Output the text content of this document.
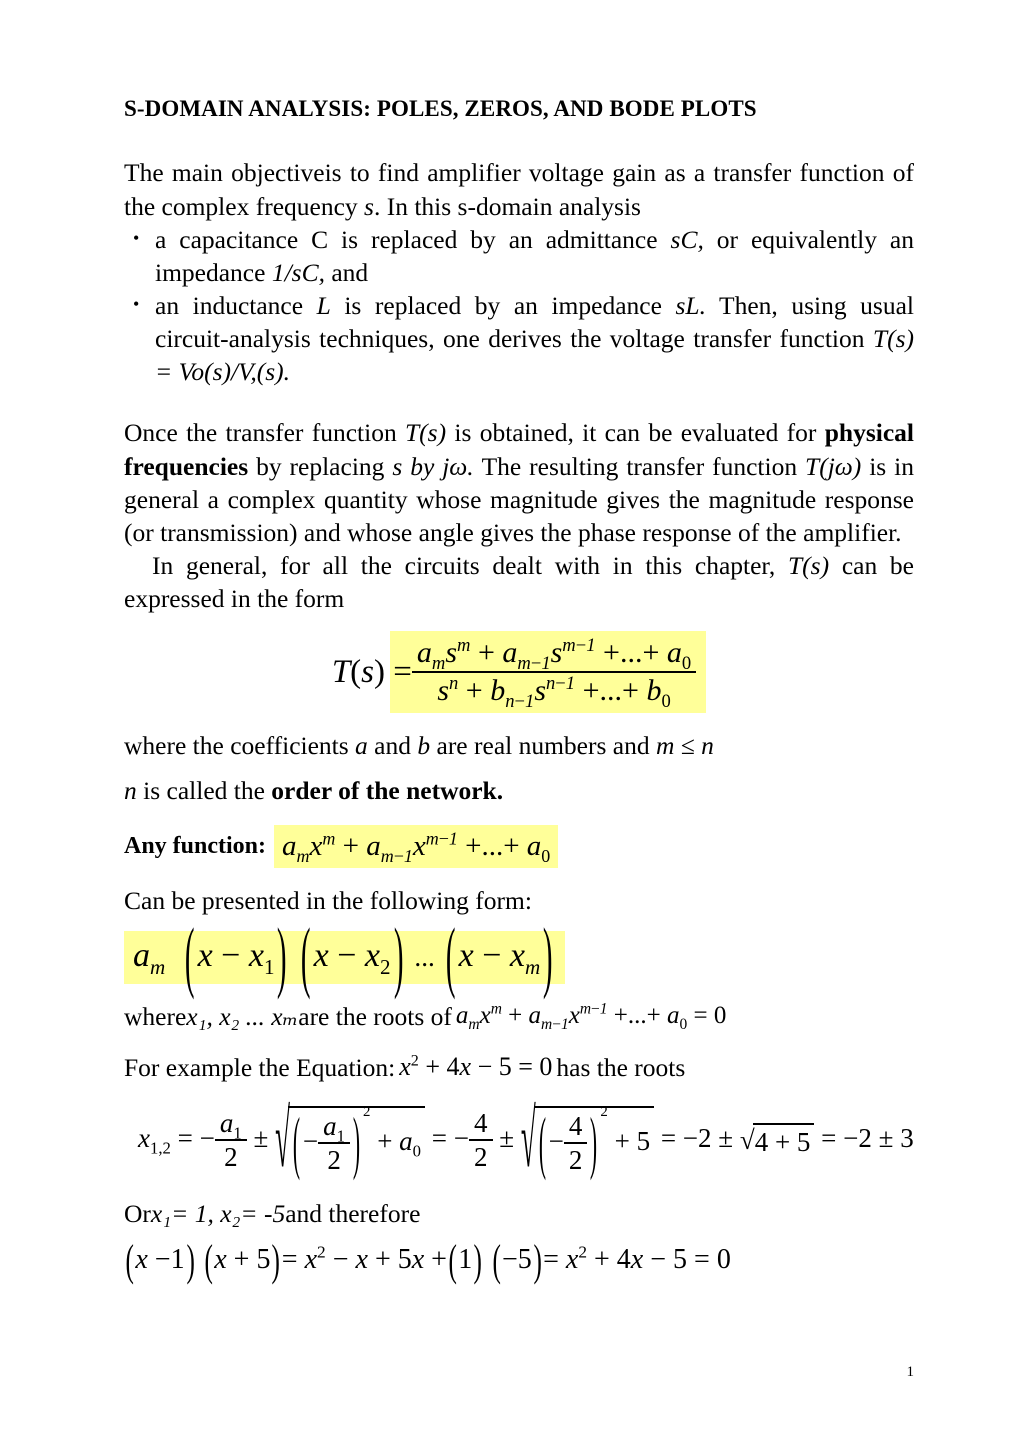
S-DOMAIN ANALYSIS: POLES, ZEROS, AND BODE PLOTS

The main objectiveis to find amplifier voltage gain as a transfer function of the complex frequency s. In this s-domain analysis

• a capacitance C is replaced by an admittance sC, or equivalently an impedance 1/sC, and
• an inductance L is replaced by an impedance sL. Then, using usual circuit-analysis techniques, one derives the voltage transfer function T(s) = Vo(s)/V,(s).

Once the transfer function T(s) is obtained, it can be evaluated for physical frequencies by replacing s by jω. The resulting transfer function T(jω) is in general a complex quantity whose magnitude gives the magnitude response (or transmission) and whose angle gives the phase response of the amplifier.

In general, for all the circuits dealt with in this chapter, T(s) can be expressed in the form

$T(s) = \frac{a_ms^m + a_{m-1}s^{m-1} +...+ a_0}{s^n + b_{n-1}s^{n-1} +...+ b_0}$

where the coefficients a and b are real numbers and m ≤ n

n is called the order of the network.

Any function: $a_mx^m + a_{m-1}x^{m-1}$ +...+ $a_0$

Can be presented in the following form:

$a_m$ $(x - x_1)$ $(x - x_2)$ ... $(x - x_m)$
where x₁, x₂ ... xₘ are the roots of $a_mx^m + a_{m-1}x^{m-1}$ +...+ $a_0 = 0$
For example the Equation: $x^2 + 4x - 5 = 0$ has the roots
$x_{1,2}$ = − $\frac{a_1}{2}$ ± √ ( − $\frac{a_1}{2}$ ) $^2 + a_0$ = − $\frac{4}{2}$ ± √ ( − $\frac{4}{2}$ ) $^2$ + 5 = −2 ± √4 + 5 = −2 ± 3
Or x₁= 1, x₂= -5 and therefore
(x −1) $(x + 5)= x^2 - x + 5x +(1)$ $(-5)= x^2 + 4x - 5 = 0$
1
